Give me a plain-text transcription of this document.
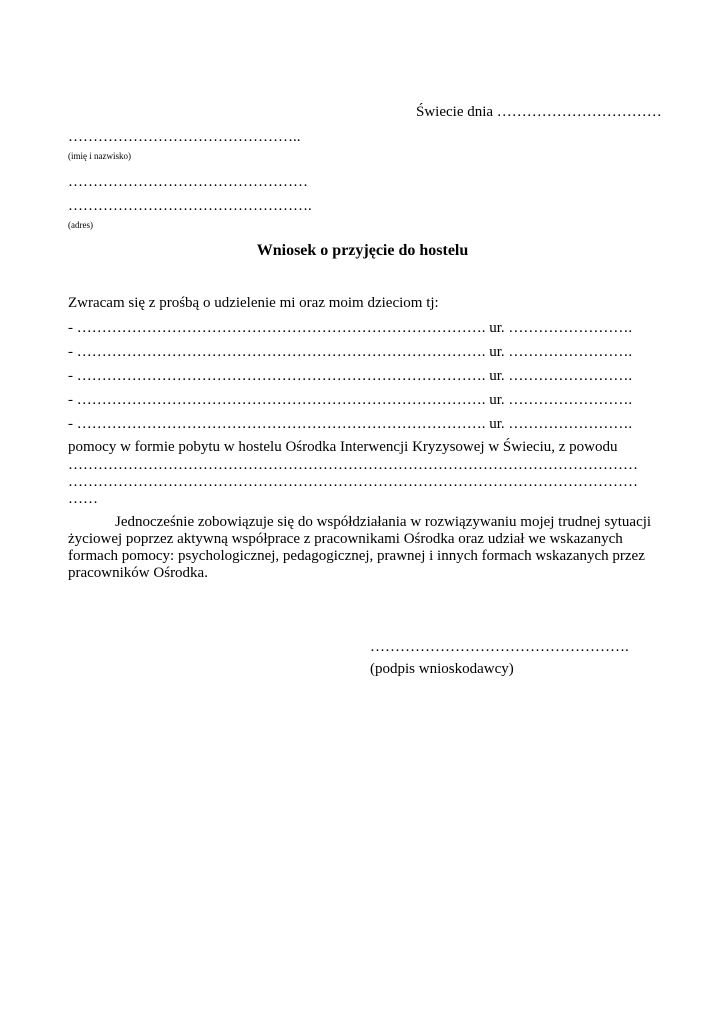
Świecie dnia ……………………………
………………………………………..
(imię i nazwisko)
…………………………………………
………………………………………….
(adres)
Wniosek o przyjęcie do hostelu
Zwracam się z prośbą o udzielenie mi oraz moim dzieciom tj:
- ………………………………………………………………………. ur. …………………….
- ………………………………………………………………………. ur. …………………….
- ………………………………………………………………………. ur. …………………….
- ………………………………………………………………………. ur. …………………….
- ………………………………………………………………………. ur. …………………….
pomocy w formie pobytu w hostelu Ośrodka Interwencji Kryzysowej w Świeciu, z powodu
……………………………………………………………………………………………………
……………………………………………………………………………………………………
……
Jednocześnie zobowiązuje się do współdziałania w rozwiązywaniu mojej trudnej sytuacji
życiowej poprzez aktywną współprace z pracownikami Ośrodka oraz udział we wskazanych
formach pomocy: psychologicznej, pedagogicznej, prawnej i innych formach wskazanych przez
pracowników Ośrodka.
…………………………………………….
(podpis wnioskodawcy)
